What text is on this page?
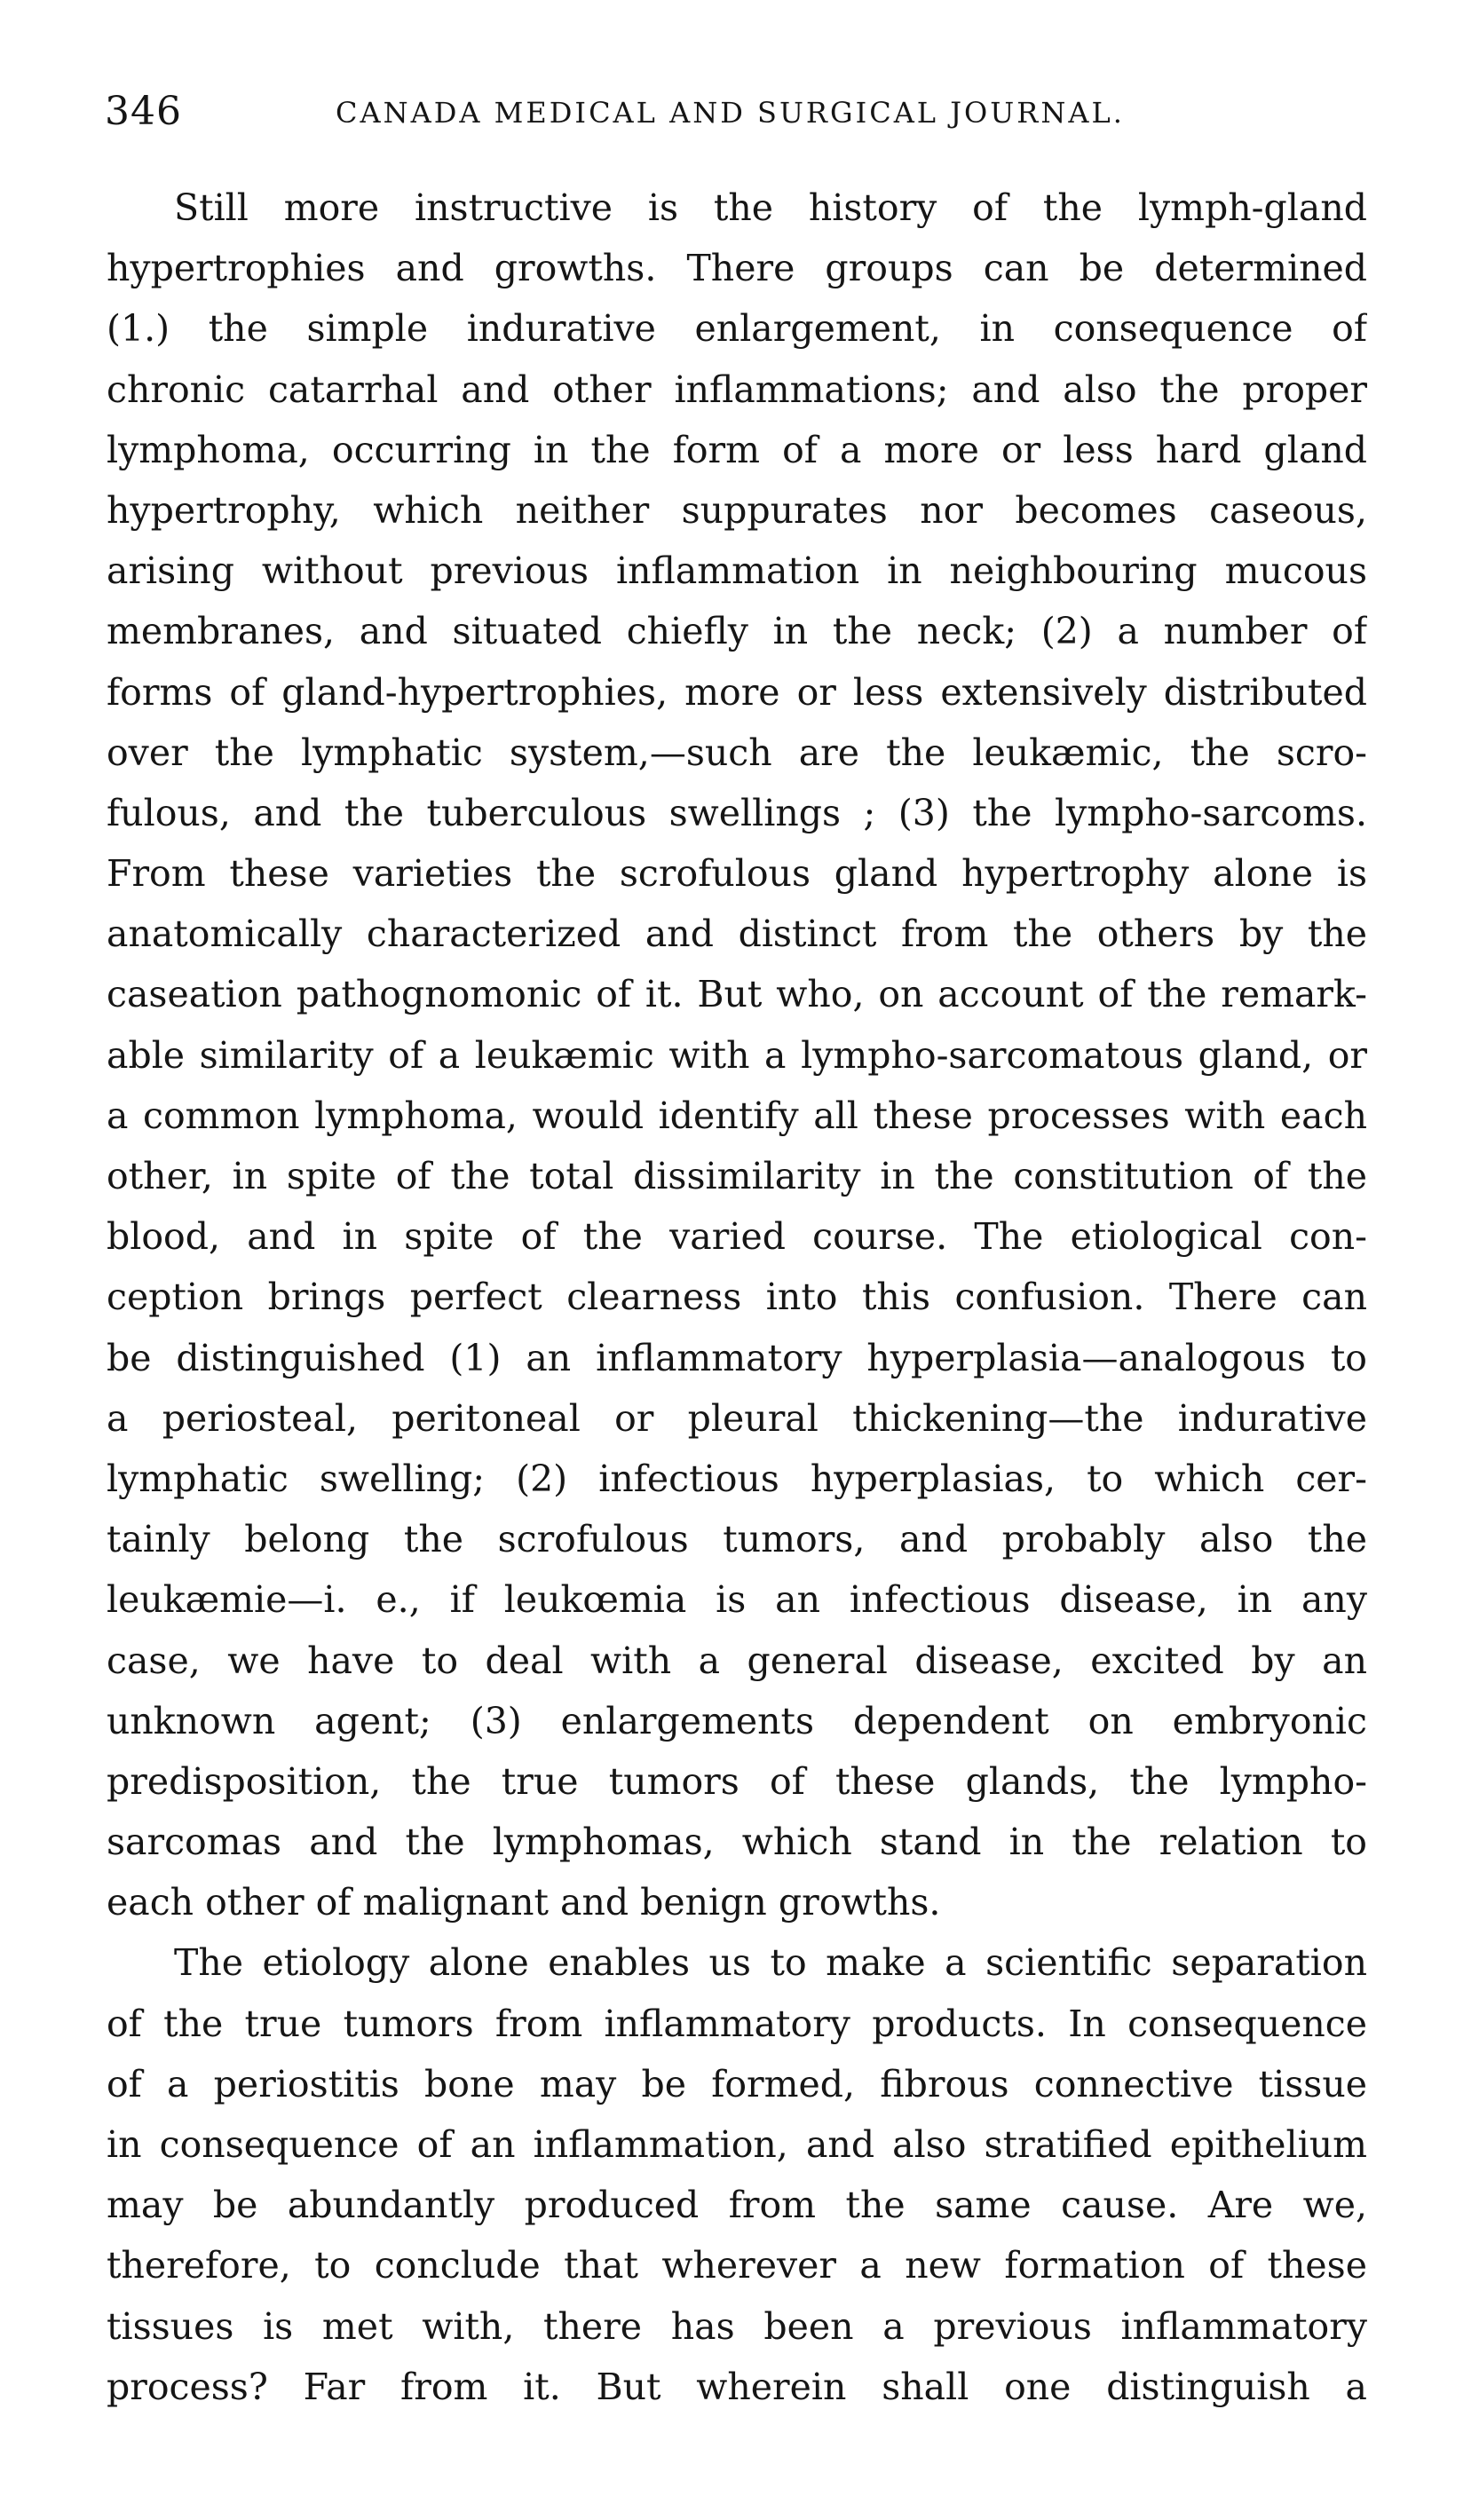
346	CANADA MEDICAL AND SURGICAL JOURNAL.
Still more instructive is the history of the lymph-gland
hypertrophies and growths. There groups can be determined
(1.) the simple indurative enlargement, in consequence of
chronic catarrhal and other inflammations; and also the proper
lymphoma, occurring in the form of a more or less hard gland
hypertrophy, which neither suppurates nor becomes caseous,
arising without previous inflammation in neighbouring mucous
membranes, and situated chiefly in the neck; (2) a number of
forms of gland-hypertrophies, more or less extensively distributed
over the lymphatic system,—such are the leukæmic, the scro-
fulous, and the tuberculous swellings ; (3) the lympho-sarcoms.
From these varieties the scrofulous gland hypertrophy alone is
anatomically characterized and distinct from the others by the
caseation pathognomonic of it. But who, on account of the remark-
able similarity of a leukæmic with a lympho-sarcomatous gland, or
a common lymphoma, would identify all these processes with each
other, in spite of the total dissimilarity in the constitution of the
blood, and in spite of the varied course. The etiological con-
ception brings perfect clearness into this confusion. There can
be distinguished (1) an inflammatory hyperplasia—analogous to
a periosteal, peritoneal or pleural thickening—the indurative
lymphatic swelling; (2) infectious hyperplasias, to which cer-
tainly belong the scrofulous tumors, and probably also the
leukæmie—i. e., if leukœmia is an infectious disease, in any
case, we have to deal with a general disease, excited by an
unknown agent; (3) enlargements dependent on embryonic
predisposition, the true tumors of these glands, the lympho-
sarcomas and the lymphomas, which stand in the relation to
each other of malignant and benign growths.
The etiology alone enables us to make a scientific separation
of the true tumors from inflammatory products. In consequence
of a periostitis bone may be formed, fibrous connective tissue
in consequence of an inflammation, and also stratified epithelium
may be abundantly produced from the same cause. Are we,
therefore, to conclude that wherever a new formation of these
tissues is met with, there has been a previous inflammatory
process? Far from it. But wherein shall one distinguish a
